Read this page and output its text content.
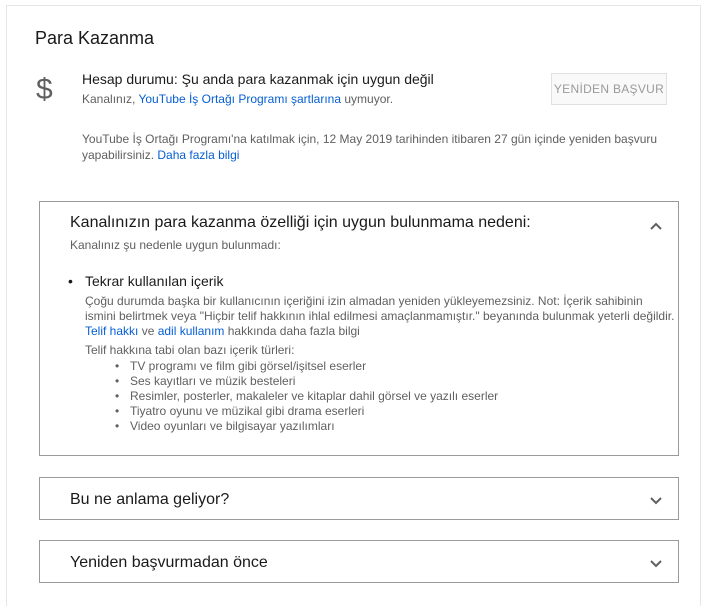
Para Kazanma
$ Hesap durumu: Şu anda para kazanmak için uygun değil
Kanalınız, YouTube İş Ortağı Programı şartlarına uymuyor.
YENİDEN BAŞVUR
YouTube İş Ortağı Programı'na katılmak için, 12 May 2019 tarihinden itibaren 27 gün içinde yeniden başvuru yapabilirsiniz. Daha fazla bilgi
Kanalınızın para kazanma özelliği için uygun bulunmama nedeni:
Kanalınız şu nedenle uygun bulunmadı:
• Tekrar kullanılan içerik
Çoğu durumda başka bir kullanıcının içeriğini izin almadan yeniden yükleyemezsiniz. Not: İçerik sahibinin ismini belirtmek veya "Hiçbir telif hakkının ihlal edilmesi amaçlanmamıştır." beyanında bulunmak yeterli değildir. Telif hakkı ve adil kullanım hakkında daha fazla bilgi
Telif hakkına tabi olan bazı içerik türleri:
• TV programı ve film gibi görsel/işitsel eserler
• Ses kayıtları ve müzik besteleri
• Resimler, posterler, makaleler ve kitaplar dahil görsel ve yazılı eserler
• Tiyatro oyunu ve müzikal gibi drama eserleri
• Video oyunları ve bilgisayar yazılımları
Bu ne anlama geliyor?
Yeniden başvurmadan önce
